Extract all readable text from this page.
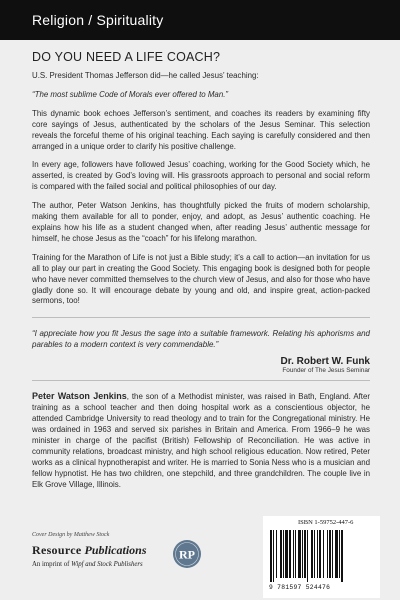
Religion / Spirituality
DO YOU NEED A LIFE COACH?

U.S. President Thomas Jefferson did—he called Jesus’ teaching:

“The most sublime Code of Morals ever offered to Man.”

This dynamic book echoes Jefferson’s sentiment, and coaches its readers by examining fifty core sayings of Jesus, authenticated by the scholars of the Jesus Seminar. This selection reveals the forceful theme of his original teaching. Each saying is carefully considered and then arranged in a unique order to clarify his positive challenge.

In every age, followers have followed Jesus’ coaching, working for the Good Society which, he asserted, is created by God’s loving will. His grassroots approach to personal and social reform is compared with the failed social and political philosophies of our day.

The author, Peter Watson Jenkins, has thoughtfully picked the fruits of modern scholarship, making them available for all to ponder, enjoy, and adopt, as Jesus’ authentic coaching. He explains how his life as a student changed when, after reading Jesus’ authentic message for himself, he chose Jesus as the “coach” for his lifelong marathon.

Training for the Marathon of Life is not just a Bible study; it’s a call to action—an invitation for us all to play our part in creating the Good Society. This engaging book is designed both for people who have never committed themselves to the church view of Jesus, and also for those who have gladly done so. It will encourage debate by young and old, and inspire great, action-packed sermons, too!

“I appreciate how you fit Jesus the sage into a suitable framework. Relating his aphorisms and parables to a modern context is very commendable.”

Dr. Robert W. Funk
Founder of The Jesus Seminar

Peter Watson Jenkins, the son of a Methodist minister, was raised in Bath, England. After training as a school teacher and then doing hospital work as a conscientious objector, he attended Cambridge University to read theology and to train for the Congregational ministry. He was ordained in 1963 and served six parishes in Britain and America. From 1966–9 he was minister in charge of the pacifist (British) Fellowship of Reconciliation. He was active in community relations, broadcast ministry, and high school religious education. Now retired, Peter works as a clinical hypnotherapist and writer. He is married to Sonia Ness who is a musician and fellow hypnotist. He has two children, one stepchild, and three grandchildren. The couple live in Elk Grove Village, Illinois.

Cover Design by Matthew Stock
Resource Publications
An imprint of Wipf and Stock Publishers
RP
ISBN 1-59752-447-6
9 781597 524476
